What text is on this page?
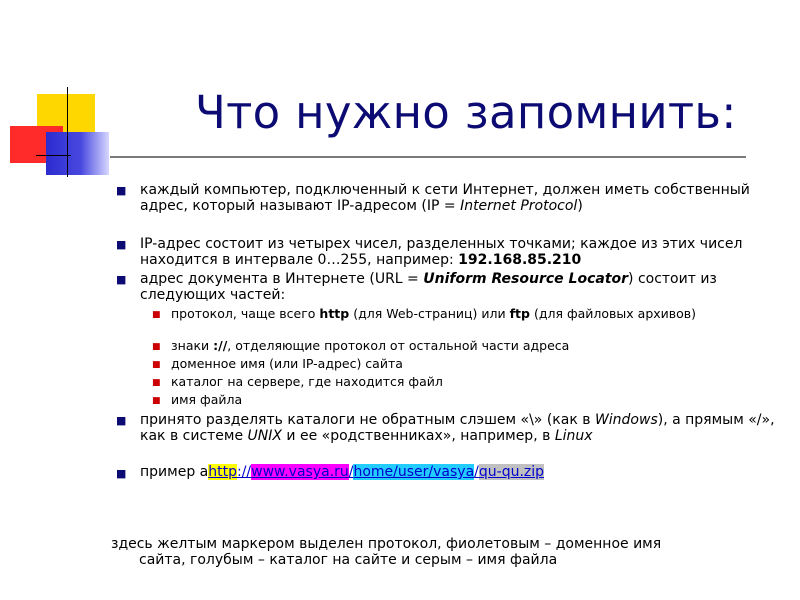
Что нужно запомнить:
■ каждый компьютер, подключенный к сети Интернет, должен иметь собственный адрес, который называют IP-адресом (IP = Internet Protocol)
■ IP-адрес состоит из четырех чисел, разделенных точками; каждое из этих чисел находится в интервале 0…255, например: 192.168.85.210
■ адрес документа в Интернете (URL = Uniform Resource Locator) состоит из следующих частей:
■ протокол, чаще всего http (для Web-страниц) или ftp (для файловых архивов)
■ знаки ://, отделяющие протокол от остальной части адреса
■ доменное имя (или IP-адрес) сайта
■ каталог на сервере, где находится файл
■ имя файла
■ принято разделять каталоги не обратным слэшем «\» (как в Windows), а прямым «/», как в системе UNIX и ее «родственниках», например, в Linux
■ пример аhttp://www.vasya.ru/home/user/vasya/qu-qu.zip
здесь желтым маркером выделен протокол, фиолетовым – доменное имя
сайта, голубым – каталог на сайте и серым – имя файла
